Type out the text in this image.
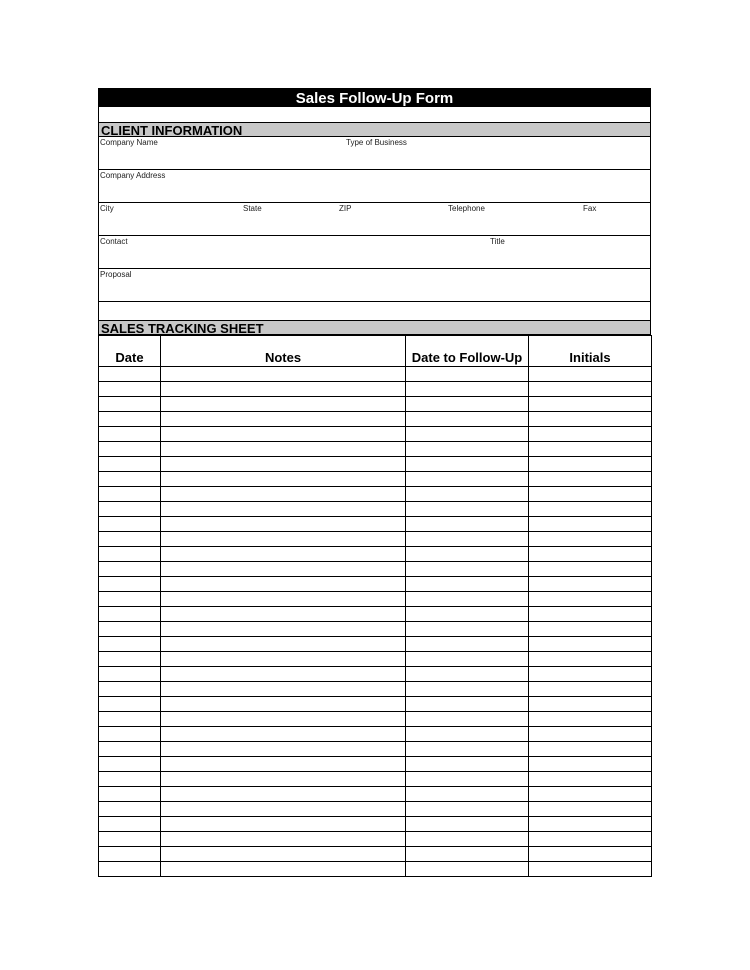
Sales Follow-Up Form
CLIENT INFORMATION
Company Name	Type of Business
Company Address
City	State	ZIP	Telephone	Fax
Contact	Title
Proposal
SALES TRACKING SHEET
Date	Notes	Date to Follow-Up	Initials
